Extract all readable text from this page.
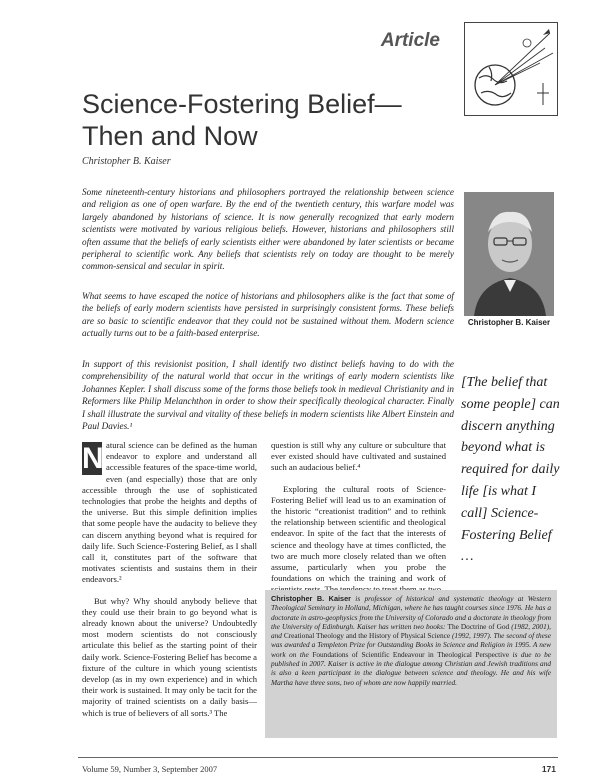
Article
Science-Fostering Belief—Then and Now
Christopher B. Kaiser

Some nineteenth-century historians and philosophers portrayed the relationship between science and religion as one of open warfare. By the end of the twentieth century, this warfare model was largely abandoned by historians of science. It is now generally recognized that early modern scientists were motivated by various religious beliefs. However, historians and philosophers still often assume that the beliefs of early scientists either were abandoned by later scientists or became peripheral to scientific work. Any beliefs that scientists rely on today are thought to be merely common-sensical and secular in spirit.

What seems to have escaped the notice of historians and philosophers alike is the fact that some of the beliefs of early modern scientists have persisted in surprisingly consistent forms. These beliefs are so basic to scientific endeavor that they could not be sustained without them. Modern science actually turns out to be a faith-based enterprise.

In support of this revisionist position, I shall identify two distinct beliefs having to do with the comprehensibility of the natural world that occur in the writings of early modern scientists like Johannes Kepler. I shall discuss some of the forms those beliefs took in medieval Christianity and in Reformers like Philip Melanchthon in order to show their specifically theological character. Finally I shall illustrate the survival and vitality of these beliefs in modern scientists like Albert Einstein and Paul Davies.¹

Christopher B. Kaiser
[The belief that some people] can discern anything beyond what is required for daily life [is what I call] Science-Fostering Belief …

N atural science can be defined as the human endeavor to explore and understand all accessible features of the space-time world, even (and especially) those that are only accessible through the use of sophisticated technologies that probe the heights and depths of the universe. But this simple definition implies that some people have the audacity to believe they can discern anything beyond what is required for daily life. Such Science-Fostering Belief, as I shall call it, constitutes part of the software that motivates scientists and sustains them in their endeavors.²

But why? Why should anybody believe that they could use their brain to go beyond what is already known about the universe? Undoubtedly most modern scientists do not consciously articulate this belief as the starting point of their daily work. Science-Fostering Belief has become a fixture of the culture in which young scientists develop (as in my own experience) and in which their work is sustained. It may only be tacit for the majority of trained scientists on a daily basis—which is true of believers of all sorts.³ The

question is still why any culture or subculture that ever existed should have cultivated and sustained such an audacious belief.⁴

Exploring the cultural roots of Science-Fostering Belief will lead us to an examination of the historic “creationist tradition” and to rethink the relationship between scientific and theological endeavor. In spite of the fact that the interests of science and theology have at times conflicted, the two are much more closely related than we often assume, particularly when you probe the foundations on which the training and work of

Christopher B. Kaiser is professor of historical and systematic theology at Western Theological Seminary in Holland, Michigan, where he has taught courses since 1976. He has a doctorate in astro-geophysics from the University of Colorado and a doctorate in theology from the University of Edinburgh. Kaiser has written two books: The Doctrine of God (1982, 2001), and Creational Theology and the History of Physical Science (1992, 1997). The second of these was awarded a Templeton Prize for Outstanding Books in Science and Religion in 1995. A new work on the Foundations of Scientific Endeavour in Theological Perspective is due to be published in 2007. Kaiser is active in the dialogue among Christian and Jewish traditions and is also a keen participant in the dialogue between science and theology. He and his wife Martha have three sons, two of whom are now happily married.
Volume 59, Number 3, September 2007	171
